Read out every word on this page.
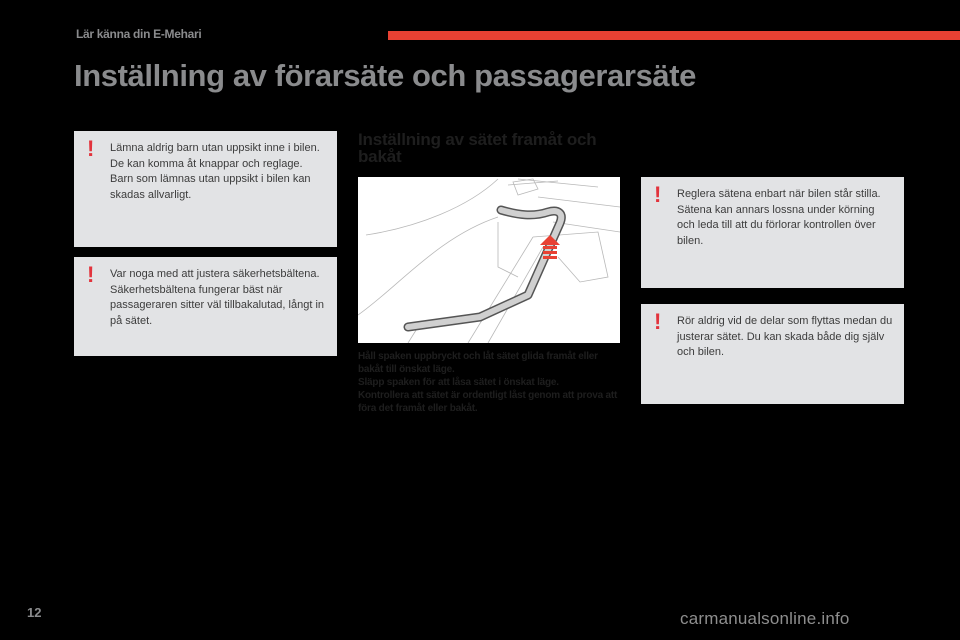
Lär känna din E-Mehari
Inställning av förarsäte och passagerarsäte
! Lämna aldrig barn utan uppsikt inne i bilen.

De kan komma åt knappar och reglage.

Barn som lämnas utan uppsikt i bilen kan skadas allvarligt.

! Var noga med att justera säkerhetsbältena.

Säkerhetsbältena fungerar bäst när passageraren sitter väl tillbakalutad, långt in på sätet.

Inställning av sätet framåt och bakåt
Håll spaken uppbryckt och låt sätet glida framåt eller bakåt till önskat läge.
Släpp spaken för att låsa sätet i önskat läge.
Kontrollera att sätet är ordentligt låst genom att prova att föra det framåt eller bakåt.
! Reglera sätena enbart när bilen står stilla. Sätena kan annars lossna under körning och leda till att du förlorar kontrollen över bilen.

! Rör aldrig vid de delar som flyttas medan du justerar sätet. Du kan skada både dig själv och bilen.

12	carmanualsonline.info
